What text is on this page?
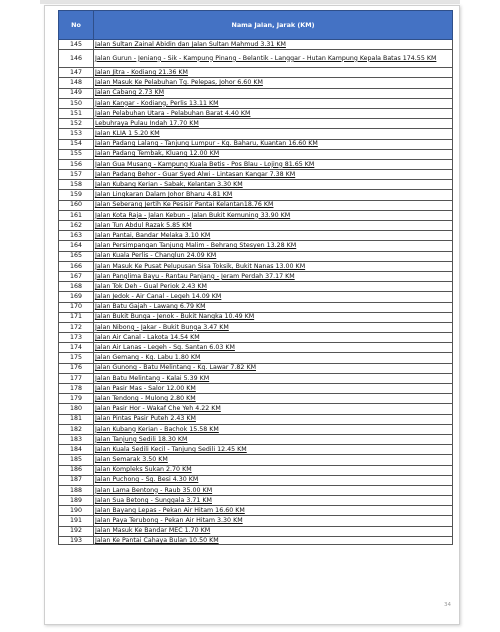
No	Nama Jalan, Jarak (KM)
145	Jalan Sultan Zainal Abidin dan Jalan Sultan Mahmud 3.31 KM
146	Jalan Gurun - Jeniang - Sik - Kampung Pinang - Belantik - Langgar - Hutan Kampung Kepala Batas 174.55 KM
147	Jalan Jitra - Kodiang 21.36 KM
148	Jalan Masuk Ke Pelabuhan Tg. Pelepas, Johor 6.60 KM
149	Jalan Cabang 2.73 KM
150	Jalan Kangar - Kodiang, Perlis 13.11 KM
151	Jalan Pelabuhan Utara - Pelabuhan Barat 4.40 KM
152	Lebuhraya Pulau Indah 17.70 KM
153	Jalan KLIA 1 5.20 KM
154	Jalan Padang Lalang - Tanjung Lumpur - Kg. Baharu, Kuantan 16.60 KM
155	Jalan Padang Tembak, Kluang 12.00 KM
156	Jalan Gua Musang - Kampung Kuala Betis - Pos Blau - Lojing 81.65 KM
157	Jalan Padang Behor - Guar Syed Alwi - Lintasan Kangar 7.38 KM
158	Jalan Kubang Kerian - Sabak, Kelantan 3.30 KM
159	Jalan Lingkaran Dalam Johor Bharu 4.81 KM
160	Jalan Seberang Jertih Ke Pesisir Pantai Kelantan18.76 KM
161	Jalan Kota Raja - Jalan Kebun - Jalan Bukit Kemuning 33.90 KM
162	Jalan Tun Abdul Razak 5.85 KM
163	Jalan Pantai, Bandar Melaka 3.10 KM
164	Jalan Persimpangan Tanjung Malim - Behrang Stesyen 13.28 KM
165	Jalan Kuala Perlis - Changlun 24.09 KM
166	Jalan Masuk Ke Pusat Pelupusan Sisa Toksik, Bukit Nanas 13.00 KM
167	Jalan Panglima Bayu - Rantau Panjang - Jeram Perdah 37.17 KM
168	Jalan Tok Deh - Gual Periok 2.43 KM
169	Jalan Jedok - Air Canal - Legeh 14.09 KM
170	Jalan Batu Gajah - Lawang 6.79 KM
171	Jalan Bukit Bunga - Jenok - Bukit Nangka 10.49 KM
172	Jalan Nibong - Jakar - Bukit Bunga 3.47 KM
173	Jalan Air Canal - Lakota 14.54 KM
174	Jalan Air Lanas - Legeh - Sg. Santan 6.03 KM
175	Jalan Gemang - Kg. Labu 1.80 KM
176	Jalan Gunong - Batu Melintang - Kg. Lawar 7.82 KM
177	Jalan Batu Melintang - Kalai 5.39 KM
178	Jalan Pasir Mas - Salor 12.00 KM
179	Jalan Tendong - Mulong 2.80 KM
180	Jalan Pasir Hor - Wakaf Che Yeh 4.22 KM
181	Jalan Pintas Pasir Puteh 2.43 KM
182	Jalan Kubang Kerian - Bachok 15.58 KM
183	Jalan Tanjung Sedili 18.30 KM
184	Jalan Kuala Sedili Kecil - Tanjung Sedili 12.45 KM
185	Jalan Semarak 3.50 KM
186	Jalan Kompleks Sukan 2.70 KM
187	Jalan Puchong - Sg. Besi 4.30 KM
188	Jalan Lama Bentong - Raub 35.00 KM
189	Jalan Sua Betong - Sunggala 3.71 KM
190	Jalan Bayang Lepas - Pekan Air Hitam 16.60 KM
191	Jalan Paya Terubong - Pekan Air Hitam 3.30 KM
192	Jalan Masuk Ke Bandar MEC 1.70 KM
193	Jalan Ke Pantai Cahaya Bulan 10.50 KM
34
